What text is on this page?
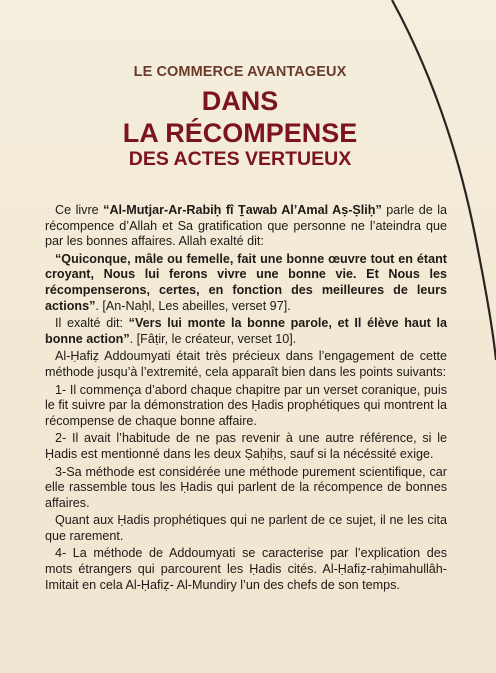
LE COMMERCE AVANTAGEUX
DANS
LA RÉCOMPENSE
DES ACTES VERTUEUX

Ce livre “Al-Mutjar-Ar-Rabiḥ fî Ṯawab Al’Amal Aṣ-Ṣliḥ” parle de la récompence d’Allah et Sa gratification que personne ne l’ateindra que par les bonnes affaires. Allah exalté dit:

“Quiconque, mâle ou femelle, fait une bonne œuvre tout en étant croyant, Nous lui ferons vivre une bonne vie. Et Nous les récompenserons, certes, en fonction des meilleures de leurs actions”. [An-Naḥl, Les abeilles, verset 97].

Il exalté dit: “Vers lui monte la bonne parole, et Il élève haut la bonne action”. [Fâṭir, le créateur, verset 10].

Al-Ḥafiẓ Addoumyati était très précieux dans l’engagement de cette méthode jusqu’à l’extremité, cela apparaît bien dans les points suivants:

1- Il commença d’abord chaque chapitre par un verset coranique, puis le fit suivre par la démonstration des Ḥadis prophétiques qui montrent la récompense de chaque bonne affaire.

2- Il avait l’habitude de ne pas revenir à une autre référence, si le Ḥadis est mentionné dans les deux Ṣaḥiḥs, sauf si la nécéssité exige.

3-Sa méthode est considérée une méthode purement scientifique, car elle rassemble tous les Ḥadis qui parlent de la récompence de bonnes affaires.

Quant aux Ḥadis prophétiques qui ne parlent de ce sujet, il ne les cita que rarement.

4- La méthode de Addoumyati se caracterise par l’explication des mots étrangers qui parcourent les Ḥadis cités. Al-Ḥafiẓ-raḥimahullâh-Imitait en cela Al-Ḥafiẓ- Al-Mundiry l’un des chefs de son temps.
